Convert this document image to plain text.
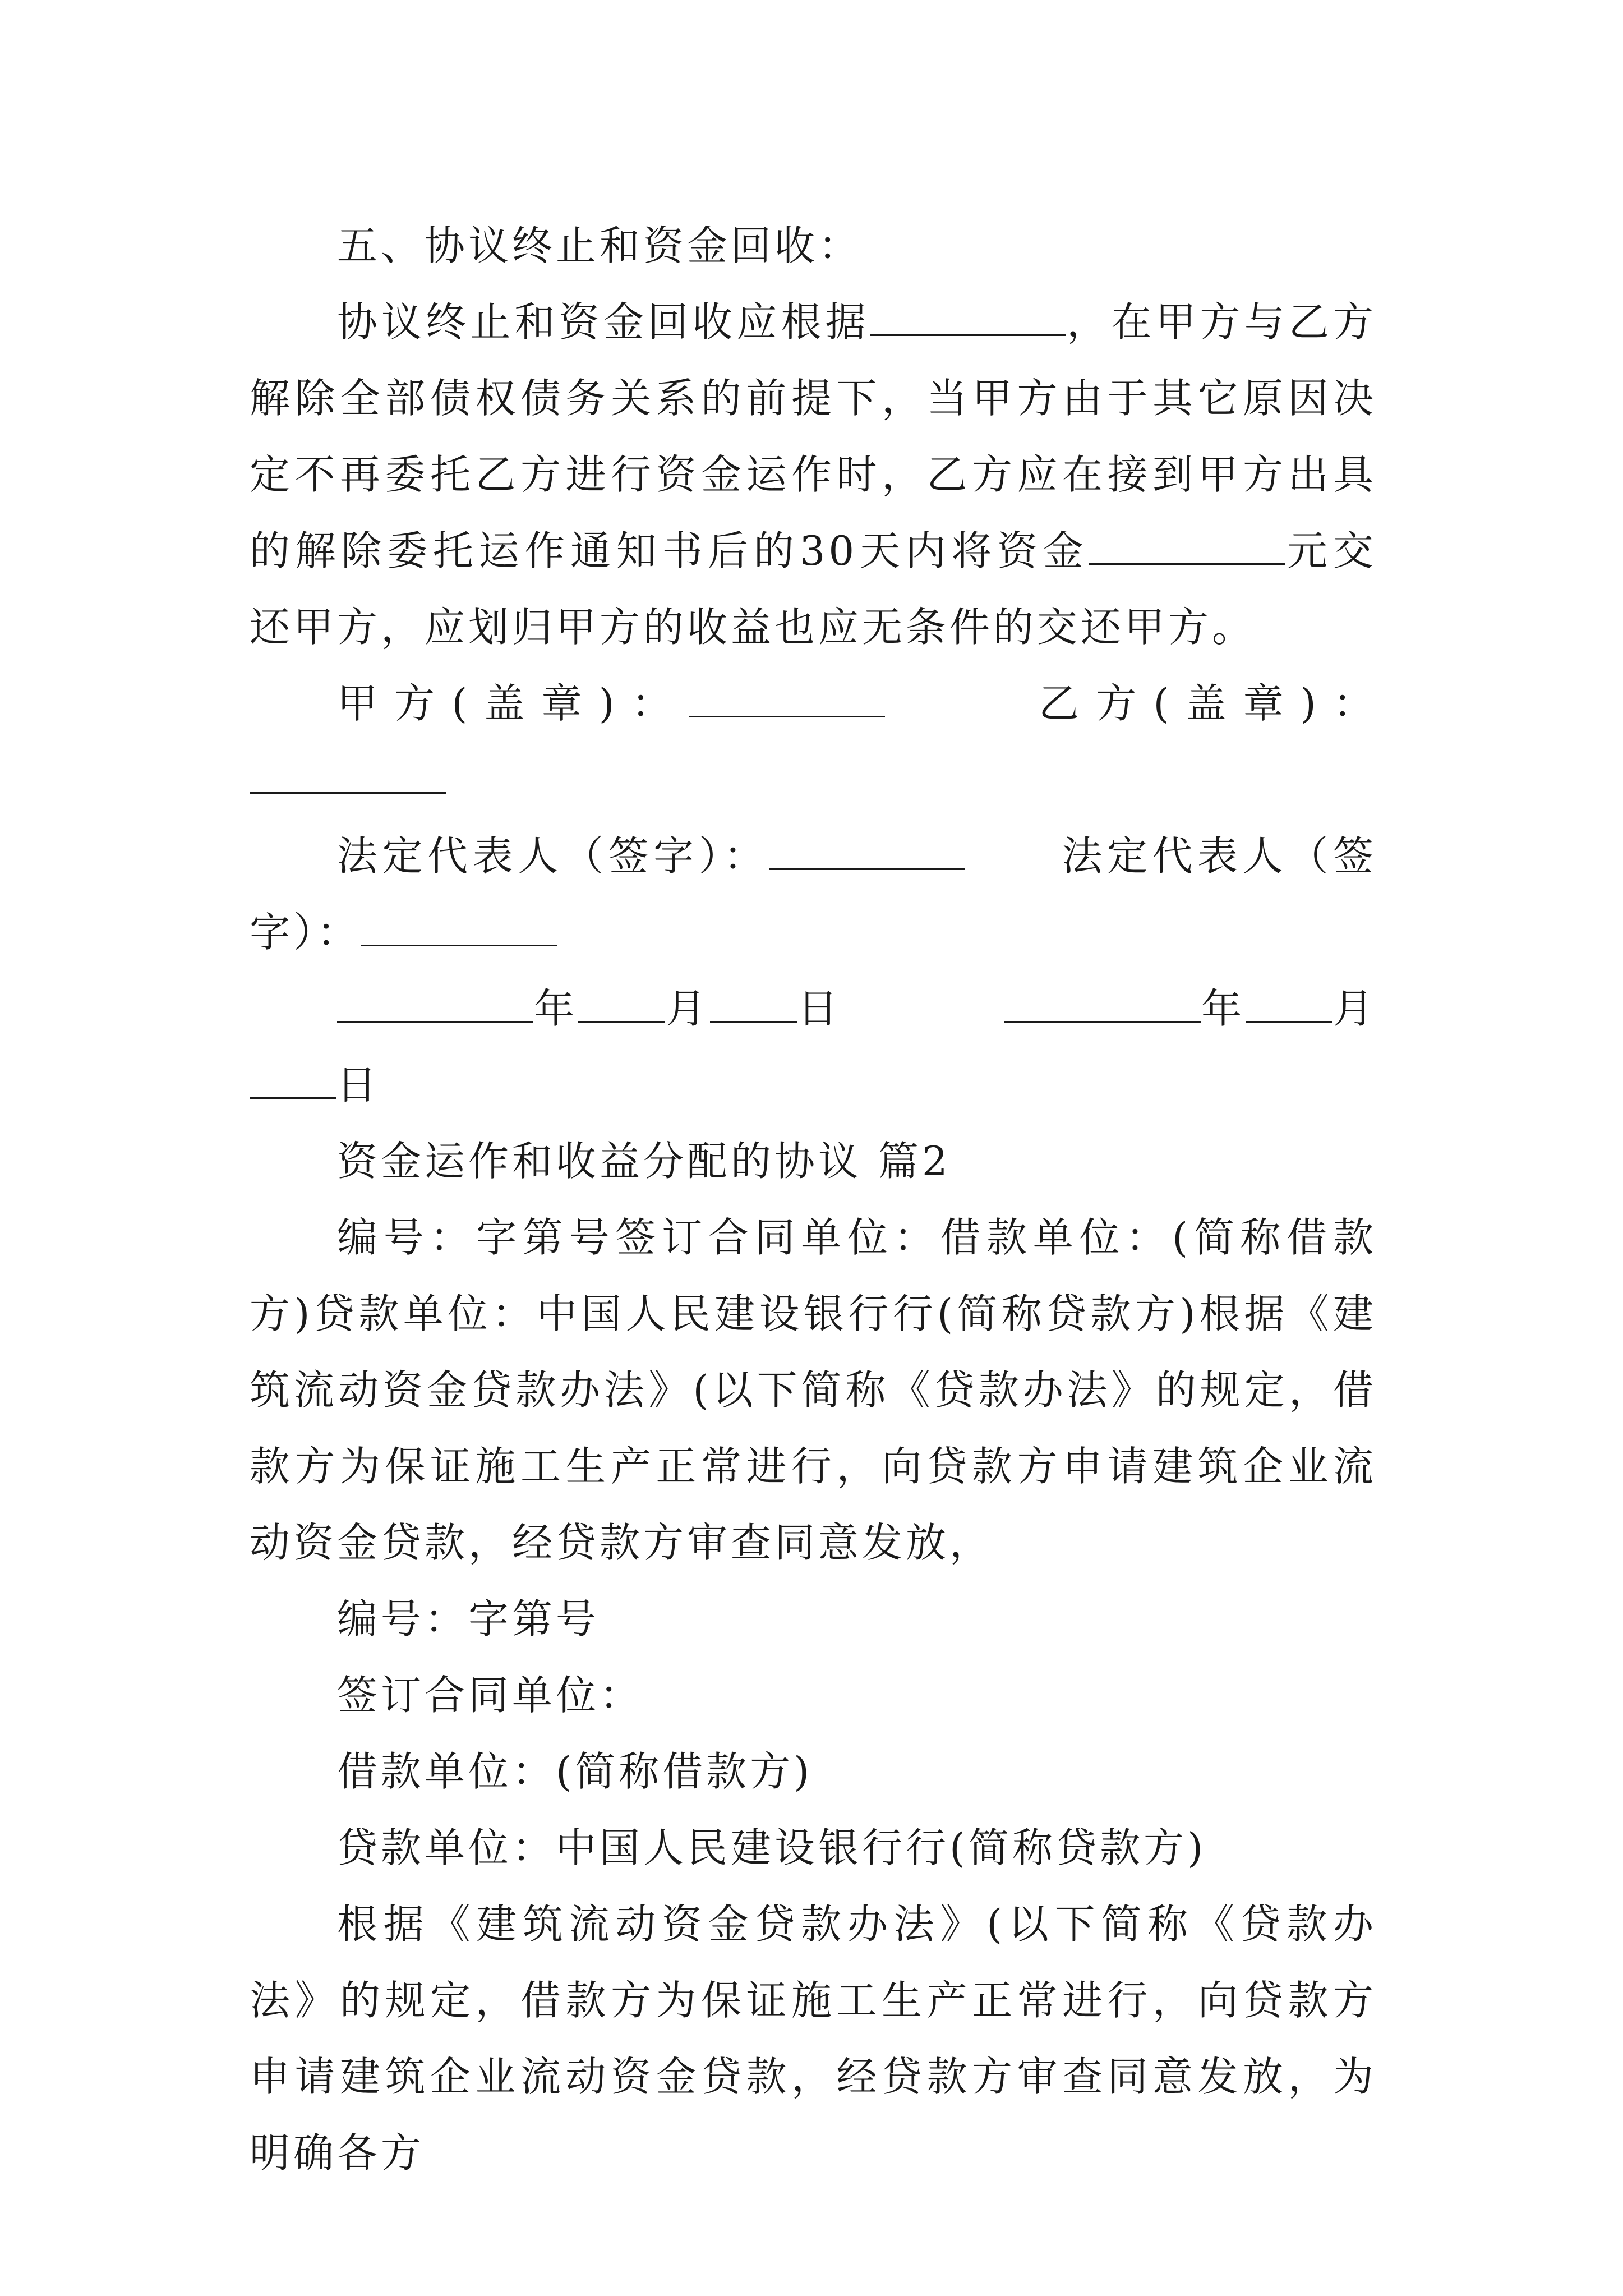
五、协议终止和资金回收：

协议终止和资金回收应根据	，在甲方与乙方解除全部债权债务关系的前提下，当甲方由于其它原因决定不再委托乙方进行资金运作时，乙方应在接到甲方出具的解除委托运作通知书后的30天内将资金	元交还甲方，应划归甲方的收益也应无条件的交还甲方。

甲方(盖章)：	乙方(盖章)：

法定代表人（签字）：	法定代表人（签字）：

年 月 日	年 月日

资金运作和收益分配的协议 篇2

编号：字第号签订合同单位：借款单位：(简称借款方)贷款单位：中国人民建设银行行(简称贷款方)根据《建筑流动资金贷款办法》(以下简称《贷款办法》的规定，借款方为保证施工生产正常进行，向贷款方申请建筑企业流动资金贷款，经贷款方审查同意发放，

编号：字第号

签订合同单位：

借款单位：(简称借款方)

贷款单位：中国人民建设银行行(简称贷款方)

根据《建筑流动资金贷款办法》(以下简称《贷款办法》的规定，借款方为保证施工生产正常进行，向贷款方申请建筑企业流动资金贷款，经贷款方审查同意发放，为明确各方
